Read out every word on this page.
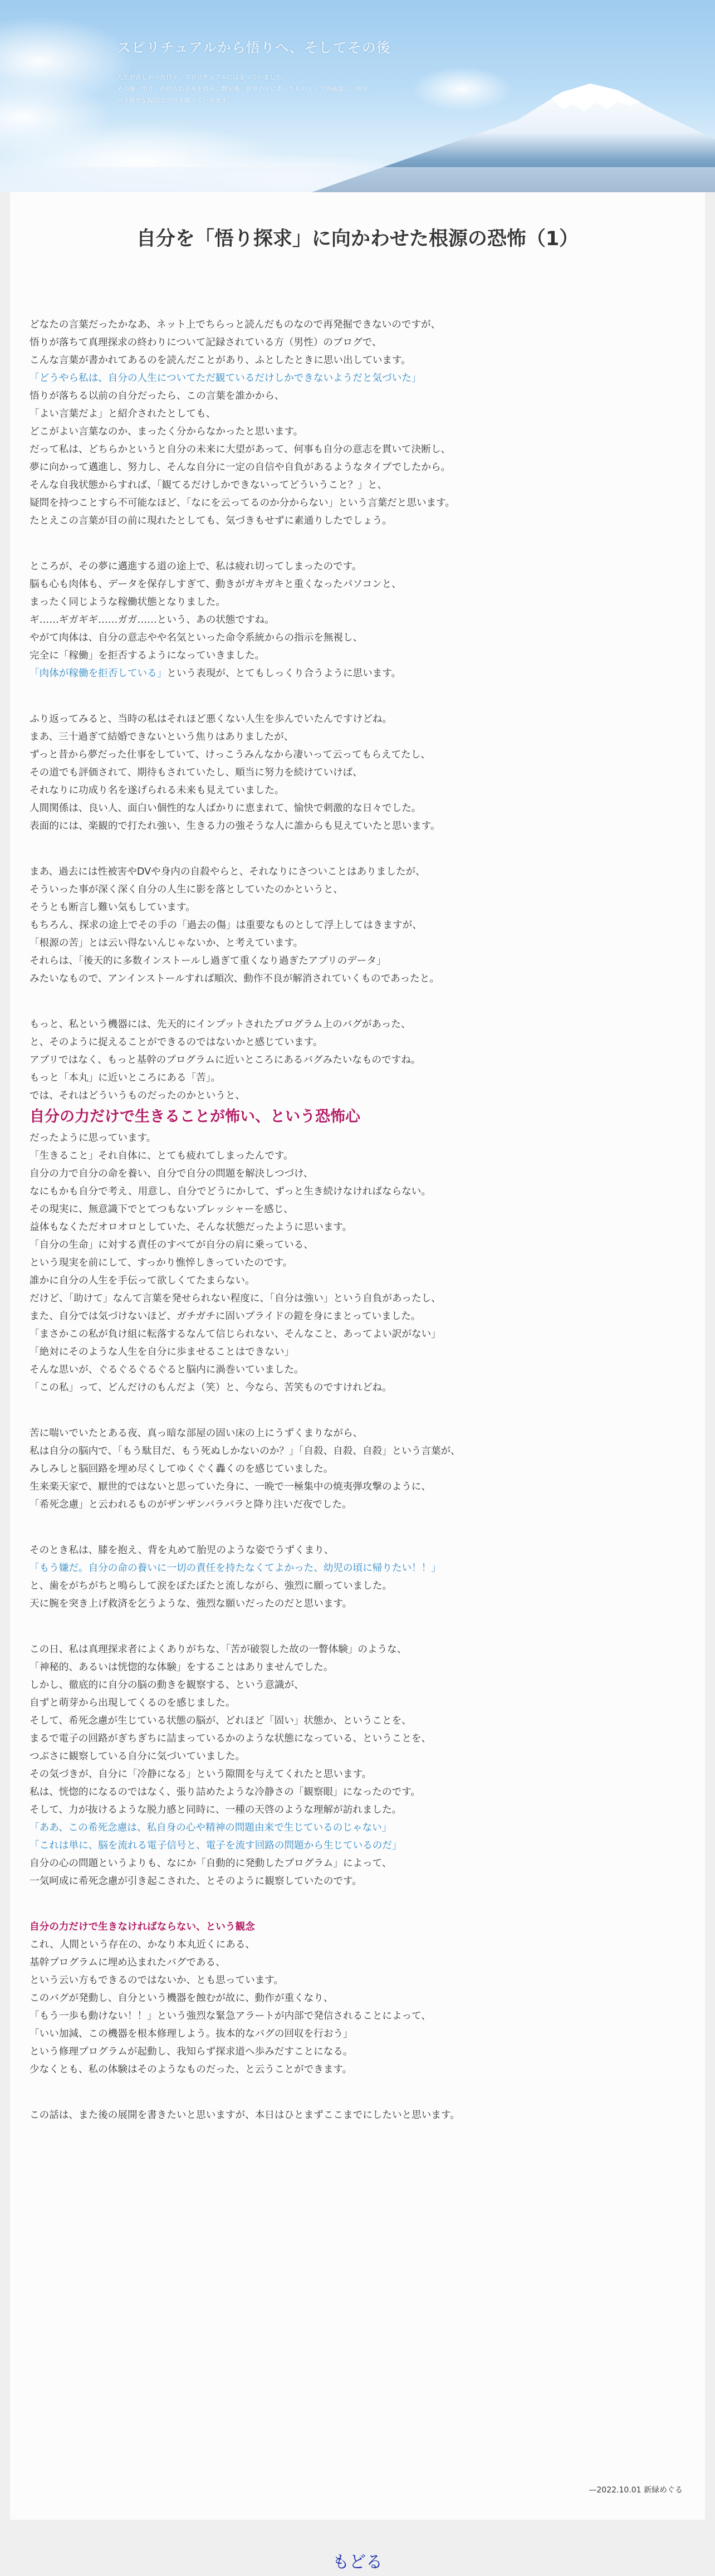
スピリチュアルから悟りへ、そしてその後
人生が苦しかった日々、スピリチュアルにはまっていました。
その後「悟り」が語られる本を読み、数年後、世界の中にあったものとして再確認し、現在、
日々探究記録的な内容を綴っていきます。
自分を「悟り探求」に向かわせた根源の恐怖（1）

どなたの言葉だったかなあ、ネット上でちらっと読んだものなので再発掘できないのですが、
悟りが落ちて真理探求の終わりについて記録されている方（男性）のブログで、
こんな言葉が書かれてあるのを読んだことがあり、ふとしたときに思い出しています。
「どうやら私は、自分の人生についてただ観ているだけしかできないようだと気づいた」
悟りが落ちる以前の自分だったら、この言葉を誰かから、
「よい言葉だよ」と紹介されたとしても、
どこがよい言葉なのか、まったく分からなかったと思います。
だって私は、どちらかというと自分の未来に大望があって、何事も自分の意志を貫いて決断し、
夢に向かって邁進し、努力し、そんな自分に一定の自信や自負があるようなタイプでしたから。
そんな自我状態からすれば、「観てるだけしかできないってどういうこと？」と、
疑問を持つことすら不可能なほど、「なにを云ってるのか分からない」という言葉だと思います。
たとえこの言葉が目の前に現れたとしても、気づきもせずに素通りしたでしょう。

ところが、その夢に邁進する道の途上で、私は疲れ切ってしまったのです。
脳も心も肉体も、データを保存しすぎて、動きがガキガキと重くなったパソコンと、
まったく同じような稼働状態となりました。
ギ……ギガギギ……ガガ……という、あの状態ですね。
やがて肉体は、自分の意志やや名気といった命令系統からの指示を無視し、
完全に「稼働」を拒否するようになっていきました。
「肉体が稼働を拒否している」という表現が、とてもしっくり合うように思います。

ふり返ってみると、当時の私はそれほど悪くない人生を歩んでいたんですけどね。
まあ、三十過ぎて結婚できないという焦りはありましたが、
ずっと昔から夢だった仕事をしていて、けっこうみんなから凄いって云ってもらえてたし、
その道でも評価されて、期待もされていたし、順当に努力を続けていけば、
それなりに功成り名を遂げられる未来も見えていました。
人間関係は、良い人、面白い個性的な人ばかりに恵まれて、愉快で刺激的な日々でした。
表面的には、楽観的で打たれ強い、生きる力の強そうな人に誰からも見えていたと思います。

まあ、過去には性被害やDVや身内の自殺やらと、それなりにさついことはありましたが、
そういった事が深く深く自分の人生に影を落としていたのかというと、
そうとも断言し難い気もしています。
もちろん、探求の途上でその手の「過去の傷」は重要なものとして浮上してはきますが、
「根源の苦」とは云い得ないんじゃないか、と考えています。
それらは、「後天的に多数インストールし過ぎて重くなり過ぎたアプリのデータ」
みたいなもので、アンインストールすれば順次、動作不良が解消されていくものであったと。

もっと、私という機器には、先天的にインプットされたプログラム上のバグがあった、
と、そのように捉えることができるのではないかと感じています。
アプリではなく、もっと基幹のプログラムに近いところにあるバグみたいなものですね。
もっと「本丸」に近いところにある「苦」。
では、それはどういうものだったのかというと、
自分の力だけで生きることが怖い、という恐怖心
だったように思っています。
「生きること」それ自体に、とても疲れてしまったんです。
自分の力で自分の命を養い、自分で自分の問題を解決しつづけ、
なにもかも自分で考え、用意し、自分でどうにかして、ずっと生き続けなければならない。
その現実に、無意識下でとてつもないプレッシャーを感じ、
益体もなくただオロオロとしていた、そんな状態だったように思います。
「自分の生命」に対する責任のすべてが自分の肩に乗っている、
という現実を前にして、すっかり憔悴しきっていたのです。
誰かに自分の人生を手伝って欲しくてたまらない。
だけど、「助けて」なんて言葉を発せられない程度に、「自分は強い」という自負があったし、
また、自分では気づけないほど、ガチガチに固いプライドの鎧を身にまとっていました。
「まさかこの私が負け組に転落するなんて信じられない、そんなこと、あってよい訳がない」
「絶対にそのような人生を自分に歩ませることはできない」
そんな思いが、ぐるぐるぐるぐると脳内に渦巻いていました。
「この私」って、どんだけのもんだよ（笑）と、今なら、苦笑ものですけれどね。

苦に喘いでいたとある夜、真っ暗な部屋の固い床の上にうずくまりながら、
私は自分の脳内で、「もう駄目だ、もう死ぬしかないのか？」「自殺、自殺、自殺」という言葉が、
みしみしと脳回路を埋め尽くしてゆくぐく轟くのを感じていました。
生来楽天家で、厭世的ではないと思っていた身に、一晩で一極集中の焼夷弾攻撃のように、
「希死念慮」と云われるものがザンザンバラバラと降り注いだ夜でした。

そのとき私は、膝を抱え、背を丸めて胎児のような姿でうずくまり、
「もう嫌だ。自分の命の養いに一切の責任を持たなくてよかった、幼児の頃に帰りたい！！」
と、歯をがちがちと鳴らして涙をぼたぼたと流しながら、強烈に願っていました。
天に腕を突き上げ救済を乞うような、強烈な願いだったのだと思います。

この日、私は真理探求者によくありがちな、「苦が破裂した故の一瞥体験」のような、
「神秘的、あるいは恍惚的な体験」をすることはありませんでした。
しかし、徹底的に自分の脳の動きを観察する、という意識が、
自ずと萌芽から出現してくるのを感じました。
そして、希死念慮が生じている状態の脳が、どれほど「固い」状態か、ということを、
まるで電子の回路がぎちぎちに詰まっているかのような状態になっている、ということを、
つぶさに観察している自分に気づいていました。
その気づきが、自分に「冷静になる」という隙間を与えてくれたと思います。
私は、恍惚的になるのではなく、張り詰めたような冷静さの「観察眼」になったのです。
そして、力が抜けるような脱力感と同時に、一種の天啓のような理解が訪れました。
「ああ、この希死念慮は、私自身の心や精神の問題由来で生じているのじゃない」
「これは単に、脳を流れる電子信号と、電子を流す回路の問題から生じているのだ」
自分の心の問題というよりも、なにか「自動的に発動したプログラム」によって、
一気呵成に希死念慮が引き起こされた、とそのように観察していたのです。

自分の力だけで生きなければならない、という観念
これ、人間という存在の、かなり本丸近くにある、
基幹プログラムに埋め込まれたバグである、
という云い方もできるのではないか、とも思っています。
このバグが発動し、自分という機器を蝕むが故に、動作が重くなり、
「もう一歩も動けない！！」という強烈な緊急アラートが内部で発信されることによって、
「いい加減、この機器を根本修理しよう。抜本的なバグの回収を行おう」
という修理プログラムが起動し、我知らず探求道へ歩みだすことになる。
少なくとも、私の体験はそのようなものだった、と云うことができます。

この話は、また後の展開を書きたいと思いますが、本日はひとまずここまでにしたいと思います。

—2022.10.01 新緑めぐる
もどる
